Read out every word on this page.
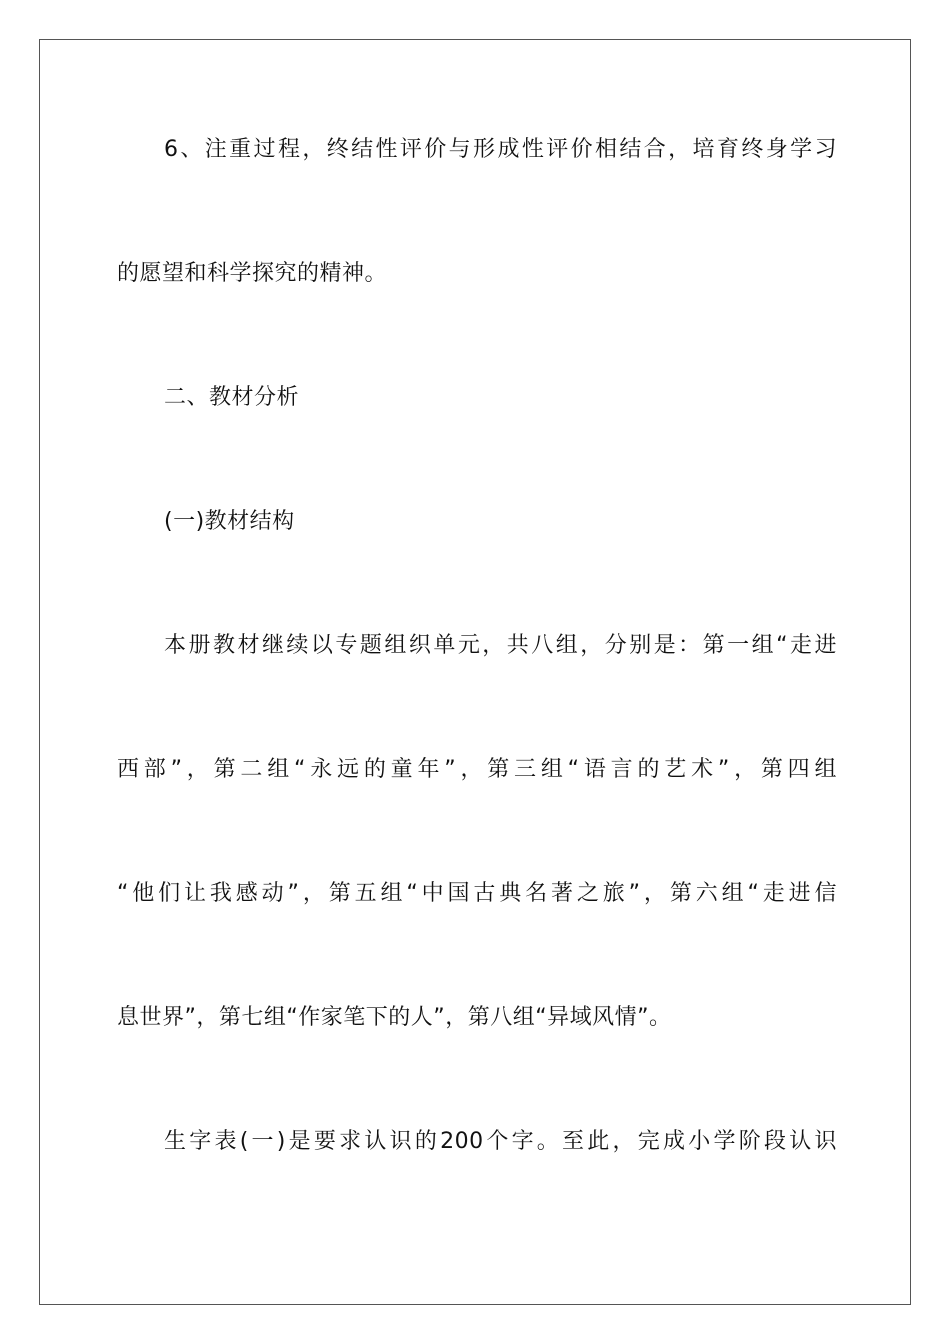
6、注重过程，终结性评价与形成性评价相结合，培育终身学习
的愿望和科学探究的精神。
二、教材分析
(一)教材结构
本册教材继续以专题组织单元，共八组，分别是：第一组“走进
西部”，第二组“永远的童年”，第三组“语言的艺术”，第四组
“他们让我感动”，第五组“中国古典名著之旅”，第六组“走进信
息世界”，第七组“作家笔下的人”，第八组“异域风情”。
生字表(一)是要求认识的200个字。至此，完成小学阶段认识
